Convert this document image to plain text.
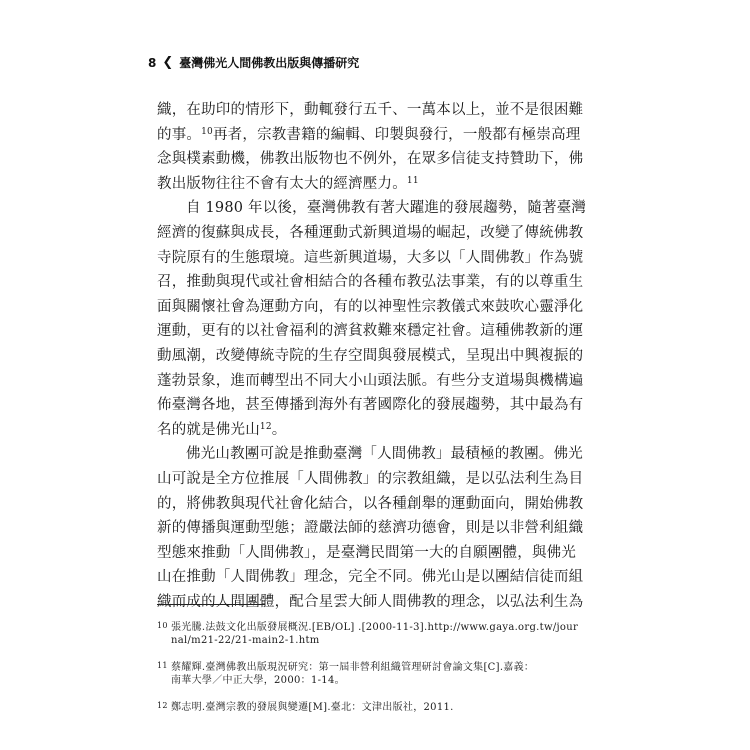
8 ❮ 臺灣佛光人間佛教出版與傳播研究
織，在助印的情形下，動輒發行五千、一萬本以上，並不是很困難
的事。$^{10}$再者，宗教書籍的編輯、印製與發行，一般都有極崇高理
念與樸素動機，佛教出版物也不例外，在眾多信徒支持贊助下，佛
教出版物往往不會有太大的經濟壓力。$^{11}$
自 1980 年以後，臺灣佛教有著大躍進的發展趨勢，隨著臺灣
經濟的復蘇與成長，各種運動式新興道場的崛起，改變了傳統佛教
寺院原有的生態環境。這些新興道場，大多以「人間佛教」作為號
召，推動與現代或社會相結合的各種布教弘法事業，有的以尊重生
面與關懷社會為運動方向，有的以神聖性宗教儀式來鼓吹心靈淨化
運動，更有的以社會福利的濟貧救難來穩定社會。這種佛教新的運
動風潮，改變傳統寺院的生存空間與發展模式，呈現出中興複振的
蓬勃景象，進而轉型出不同大小山頭法脈。有些分支道場與機構遍
佈臺灣各地，甚至傳播到海外有著國際化的發展趨勢，其中最為有
名的就是佛光山$^{12}$。
佛光山教團可說是推動臺灣「人間佛教」最積極的教團。佛光
山可說是全方位推展「人間佛教」的宗教組織，是以弘法利生為目
的，將佛教與現代社會化結合，以各種創舉的運動面向，開始佛教
新的傳播與運動型態；證嚴法師的慈濟功德會，則是以非營利組織
型態來推動「人間佛教」，是臺灣民間第一大的自願團體，與佛光
山在推動「人間佛教」理念，完全不同。佛光山是以團結信徒而組
織而成的人間團體，配合星雲大師人間佛教的理念，以弘法利生為
10 張光騰.法鼓文化出版發展概況.[EB/OL] .[2000-11-3].http://www.gaya.org.tw/jour
nal/m21-22/21-main2-1.htm
11 蔡耀輝.臺灣佛教出版現況研究：第一屆非營利組織管理研討會論文集[C].嘉義：
南華大學／中正大學，2000：1-14。
12 鄭志明.臺灣宗教的發展與變遷[M].臺北：文津出版社，2011.
